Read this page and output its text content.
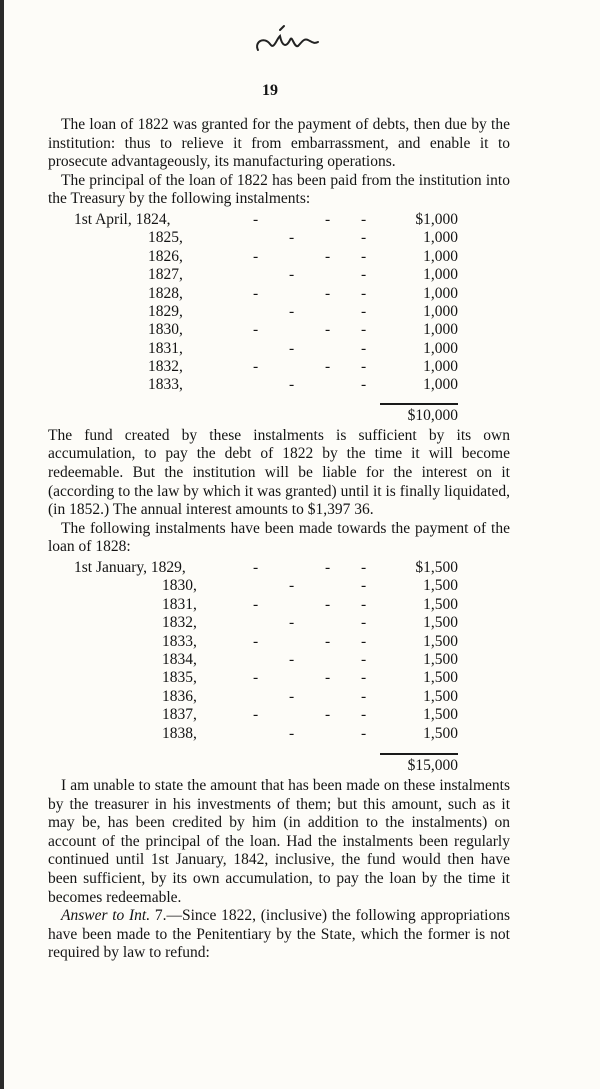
19

The loan of 1822 was granted for the payment of debts, then due by the institution: thus to relieve it from embarrassment, and enable it to prosecute advantageously, its manufacturing operations.

The principal of the loan of 1822 has been paid from the institution into the Treasury by the following instalments:

1st April, 1824,	-	- -	$1,000
1825,	-	-	1,000
1826,	-	- -	1,000
1827,	-	-	1,000
1828,	-	- -	1,000
1829,	-	-	1,000
1830,	-	- -	1,000
1831,	-	-	1,000
1832,	-	- -	1,000
1833,	-	-	1,000
$10,000

The fund created by these instalments is sufficient by its own accumulation, to pay the debt of 1822 by the time it will become redeemable. But the institution will be liable for the interest on it (according to the law by which it was granted) until it is finally liquidated, (in 1852.) The annual interest amounts to $1,397 36.

The following instalments have been made towards the payment of the loan of 1828:

1st January, 1829,	-	- -	$1,500
1830,	-	-	1,500
1831,	-	- -	1,500
1832,	-	-	1,500
1833,	-	- -	1,500
1834,	-	-	1,500
1835,	-	- -	1,500
1836,	-	-	1,500
1837,	-	- -	1,500
1838,	-	-	1,500
$15,000

I am unable to state the amount that has been made on these instalments by the treasurer in his investments of them; but this amount, such as it may be, has been credited by him (in addition to the instalments) on account of the principal of the loan. Had the instalments been regularly continued until 1st January, 1842, inclusive, the fund would then have been sufficient, by its own accumulation, to pay the loan by the time it becomes redeemable.

Answer to Int. 7.—Since 1822, (inclusive) the following appropriations have been made to the Penitentiary by the State, which the former is not required by law to refund:
